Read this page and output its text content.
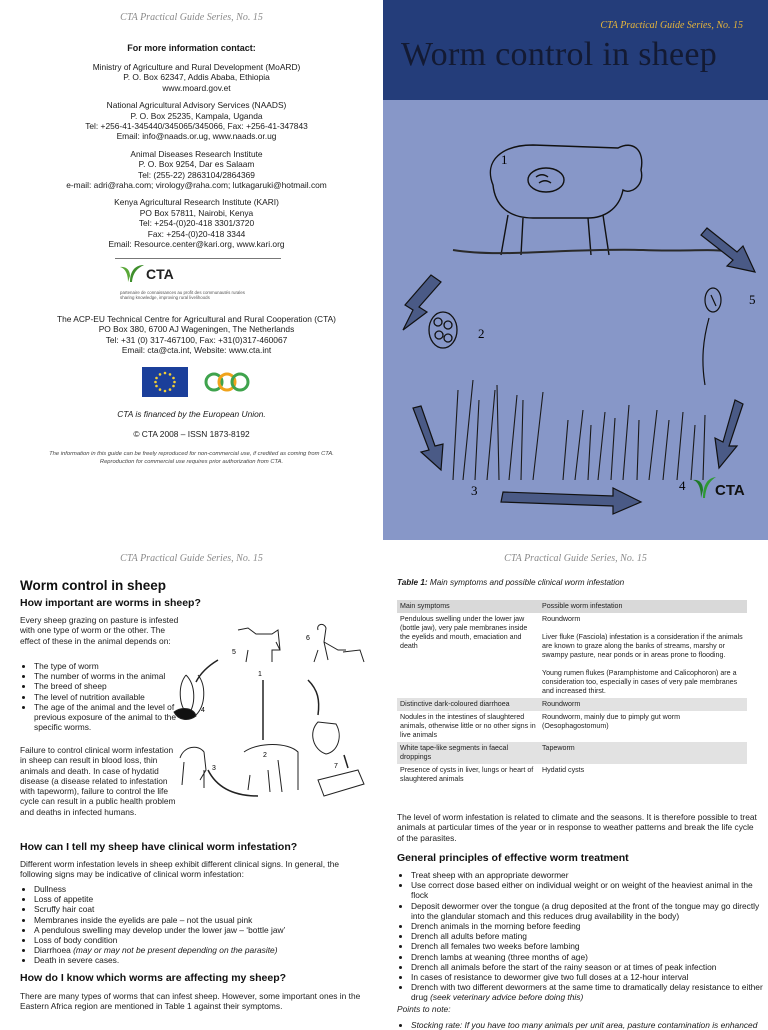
CTA Practical Guide Series, No. 15
For more information contact:

Ministry of Agriculture and Rural Development (MoARD)

P. O. Box 62347, Addis Ababa, Ethiopia

www.moard.gov.et

National Agricultural Advisory Services (NAADS)

P. O. Box 25235, Kampala, Uganda

Tel: +256-41-345440/345065/345066, Fax: +256-41-347843

Email: info@naads.or.ug, www.naads.or.ug

Animal Diseases Research Institute

P. O. Box 9254, Dar es Salaam

Tel: (255-22) 2863104/2864369

e-mail: adri@raha.com; virology@raha.com; lutkagaruki@hotmail.com

Kenya Agricultural Research Institute (KARI)

PO Box 57811, Nairobi, Kenya

Tel: +254-(0)20-418 3301/3720

Fax: +254-(0)20-418 3344

Email: Resource.center@kari.org, www.kari.org

CTA
partenaire de connaissances au profit des communautés rurales
sharing knowledge, improving rural livelihoods

The ACP-EU Technical Centre for Agricultural and Rural Cooperation (CTA)

PO Box 380, 6700 AJ Wageningen, The Netherlands

Tel: +31 (0) 317-467100, Fax: +31(0)317-460067

Email: cta@cta.int, Website: www.cta.int

CTA is financed by the European Union.
© CTA 2008 – ISSN 1873-8192
The information in this guide can be freely reproduced for non-commercial use, if credited as coming from CTA.
Reproduction for commercial use requires prior authorization from CTA.
CTA Practical Guide Series, No. 15
Worm control in sheep
1
2
3	4
5
CTA
CTA Practical Guide Series, No. 15
Worm control in sheep
How important are worms in sheep?
Every sheep grazing on pasture is infested with one type of worm or the other. The effect of these in the animal depends on:
• The type of worm
• The number of worms in the animal
• The breed of sheep
• The level of nutrition available
• The age of the animal and the level of previous exposure of the animal to the specific worms.
Failure to control clinical worm infestation in sheep can result in blood loss, thin animals and death. In case of hydatid disease (a disease related to infestation with tapeworm), failure to control the life cycle can result in a public health problem and deaths in infected humans.
5
6
1
4
2
3	7
How can I tell my sheep have clinical worm infestation?
Different worm infestation levels in sheep exhibit different clinical signs. In general, the following signs may be indicative of clinical worm infestation:
• Dullness
• Loss of appetite
• Scruffy hair coat
• Membranes inside the eyelids are pale – not the usual pink
• A pendulous swelling may develop under the lower jaw – ‘bottle jaw’
• Loss of body condition
• Diarrhoea (may or may not be present depending on the parasite)
• Death in severe cases.
How do I know which worms are affecting my sheep?
There are many types of worms that can infest sheep. However, some important ones in the Eastern Africa region are mentioned in Table 1 against their symptoms.
CTA Practical Guide Series, No. 15
Table 1: Main symptoms and possible clinical worm infestation
Main symptoms	Possible worm infestation
Pendulous swelling under the lower jaw (bottle jaw), very pale membranes inside the eyelids and mouth, emaciation and death	Roundworm
Liver fluke (Fasciola) infestation is a consideration if the animals are known to graze along the banks of streams, marshy or swampy pasture, near ponds or in areas prone to flooding.
Young rumen flukes (Paramphistome and Calicophoron) are a consideration too, especially in cases of very pale membranes and increased thirst.

Distinctive dark-coloured diarrhoea	Roundworm
Nodules in the intestines of slaughtered animals, otherwise little or no other signs in live animals	Roundworm, mainly due to pimply gut worm (Oesophagostomum)
White tape-like segments in faecal droppings	Tapeworm
Presence of cysts in liver, lungs or heart of slaughtered animals	Hydatid cysts
The level of worm infestation is related to climate and the seasons. It is therefore possible to treat animals at particular times of the year or in response to weather patterns and break the life cycle of the parasites.
General principles of effective worm treatment
• Treat sheep with an appropriate dewormer
• Use correct dose based either on individual weight or on weight of the heaviest animal in the flock
• Deposit dewormer over the tongue (a drug deposited at the front of the tongue may go directly into the glandular stomach and this reduces drug availability in the body)
• Drench animals in the morning before feeding
• Drench all adults before mating
• Drench all females two weeks before lambing
• Drench lambs at weaning (three months of age)
• Drench all animals before the start of the rainy season or at times of peak infection
• In cases of resistance to dewormer give two full doses at a 12-hour interval
• Drench with two different dewormers at the same time to dramatically delay resistance to either drug (seek veterinary advice before doing this)
Points to note:
• Stocking rate: If you have too many animals per unit area, pasture contamination is enhanced
